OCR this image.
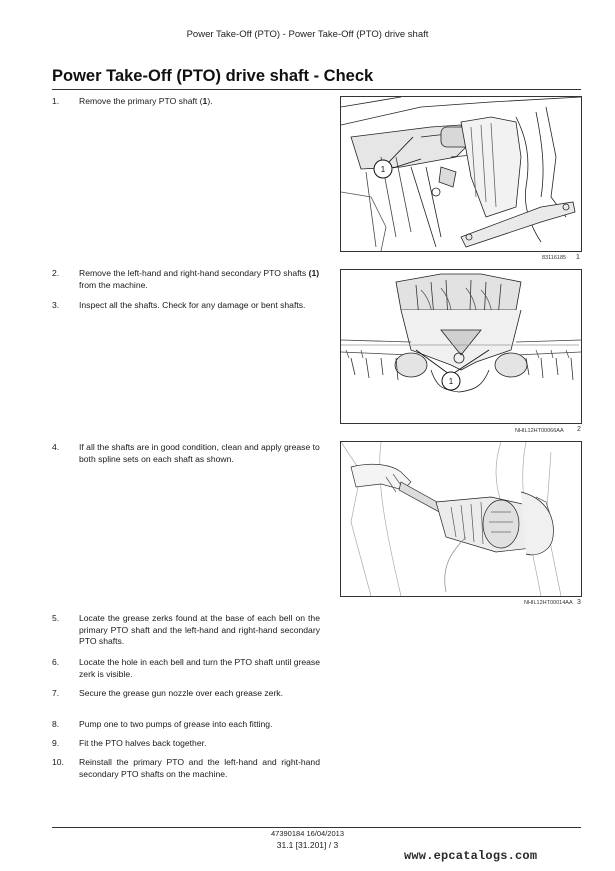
Power Take-Off (PTO) - Power Take-Off (PTO) drive shaft
Power Take-Off (PTO) drive shaft - Check
1. Remove the primary PTO shaft (1).
2. Remove the left-hand and right-hand secondary PTO shafts (1) from the machine.
3. Inspect all the shafts. Check for any damage or bent shafts.
4. If all the shafts are in good condition, clean and apply grease to both spline sets on each shaft as shown.
5. Locate the grease zerks found at the base of each bell on the primary PTO shaft and the left-hand and right-hand secondary PTO shafts.
6. Locate the hole in each bell and turn the PTO shaft until grease zerk is visible.
7. Secure the grease gun nozzle over each grease zerk.
8. Pump one to two pumps of grease into each fitting.
9. Fit the PTO halves back together.
10. Reinstall the primary PTO and the left-hand and right-hand secondary PTO shafts on the machine.
1
83116185 1
1
NHIL12HT00066AA 2
NHIL12HT00014AA 3
47390184 16/04/2013
31.1 [31.201] / 3
www.epcatalogs.com
